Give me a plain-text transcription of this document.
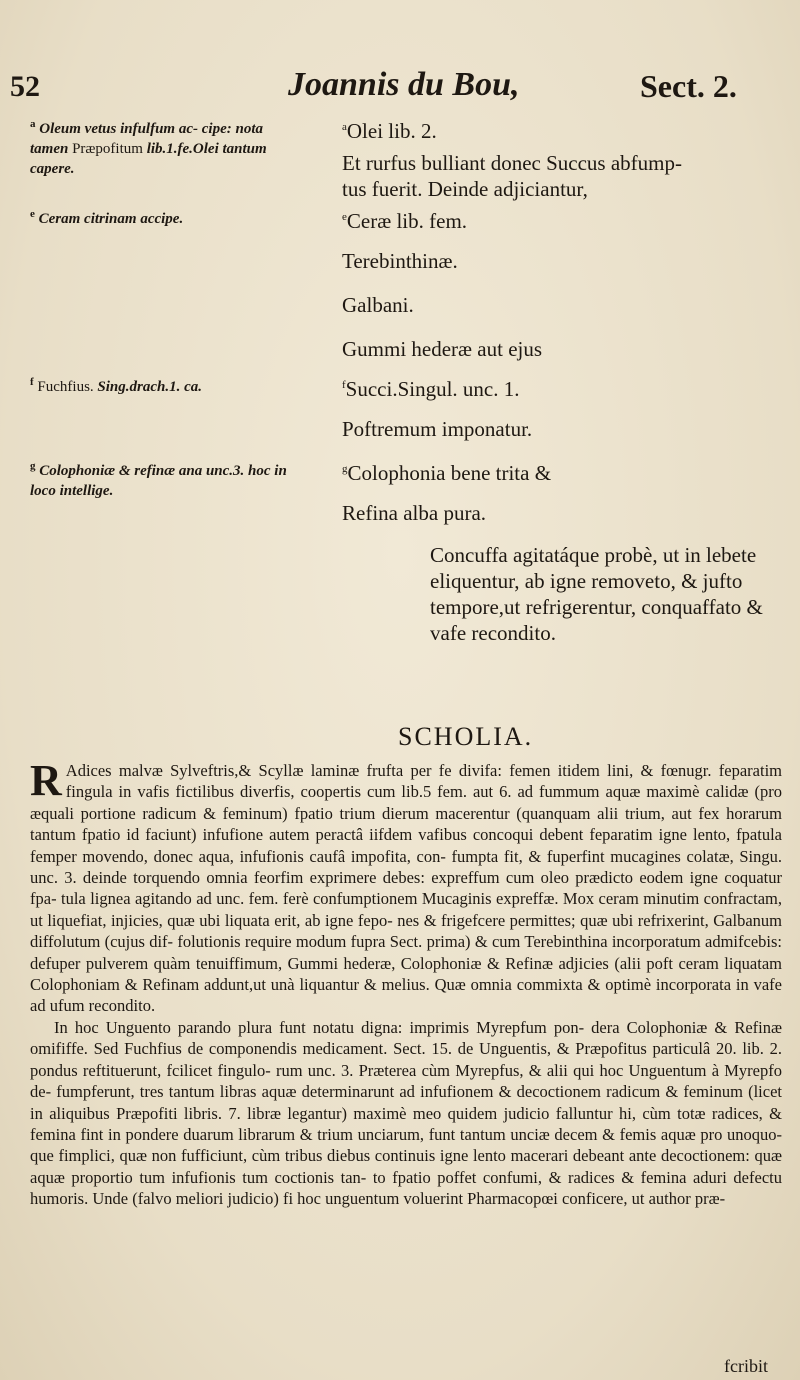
52	Joannis du Bou,	Sect. 2.
$^a$ Oleum vetus infulfum ac- cipe: nota tamen Præpofitum lib.1.fe.Olei tantum capere.
$^e$ Ceram citrinam accipe.
$^f$ Fuchfius. Sing.drach.1. ca.
$^g$ Colophoniæ & refinæ ana unc.3. hoc in loco intellige.
$^a$Olei lib. 2.
Et rurfus bulliant donec Succus abfump-
tus fuerit. Deinde adjiciantur,
$^e$Ceræ lib. fem.
Terebinthinæ.
Galbani.
Gummi hederæ aut ejus
$^f$Succi.Singul. unc. 1.
Poftremum imponatur.
$^g$Colophonia bene trita &
Refina alba pura.
Concuffa agitatáque probè, ut in lebete eliquentur, ab igne removeto, & jufto tempore,ut refrigerentur, conquaffato & vafe recondito.
SCHOLIA.

R Adices malvæ Sylveftris,& Scyllæ laminæ frufta per fe divifa: femen itidem lini, & fœnugr. feparatim fingula in vafis fictilibus diverfis, coopertis cum lib.5 fem. aut 6. ad fummum aquæ maximè calidæ (pro æquali portione radicum & feminum) fpatio trium dierum macerentur (quanquam alii trium, aut fex horarum tantum fpatio id faciunt) infufione autem peractâ iifdem vafibus concoqui debent feparatim igne lento, fpatula femper movendo, donec aqua, infufionis caufâ impofita, con- fumpta fit, & fuperfint mucagines colatæ, Singu. unc. 3. deinde torquendo omnia feorfim exprimere debes: expreffum cum oleo prædicto eodem igne coquatur fpa- tula lignea agitando ad unc. fem. ferè confumptionem Mucaginis expreffæ. Mox ceram minutim confractam, ut liquefiat, injicies, quæ ubi liquata erit, ab igne fepo- nes & frigefcere permittes; quæ ubi refrixerint, Galbanum diffolutum (cujus dif- folutionis require modum fupra Sect. prima) & cum Terebinthina incorporatum admifcebis: defuper pulverem quàm tenuiffimum, Gummi hederæ, Colophoniæ & Refinæ adjicies (alii poft ceram liquatam Colophoniam & Refinam addunt,ut unà liquantur & melius. Quæ omnia commixta & optimè incorporata in vafe ad ufum recondito.

In hoc Unguento parando plura funt notatu digna: imprimis Myrepfum pon- dera Colophoniæ & Refinæ omififfe. Sed Fuchfius de componendis medicament. Sect. 15. de Unguentis, & Præpofitus particulâ 20. lib. 2. pondus reftituerunt, fcilicet fingulo- rum unc. 3. Præterea cùm Myrepfus, & alii qui hoc Unguentum à Myrepfo de- fumpferunt, tres tantum libras aquæ determinarunt ad infufionem & decoctionem radicum & feminum (licet in aliquibus Præpofiti libris. 7. libræ legantur) maximè meo quidem judicio falluntur hi, cùm totæ radices, & femina fint in pondere duarum librarum & trium unciarum, funt tantum unciæ decem & femis aquæ pro unoquo- que fimplici, quæ non fufficiunt, cùm tribus diebus continuis igne lento macerari debeant ante decoctionem: quæ aquæ proportio tum infufionis tum coctionis tan- to fpatio poffet confumi, & radices & femina aduri defectu humoris. Unde (falvo meliori judicio) fi hoc unguentum voluerint Pharmacopœi conficere, ut author præ-

fcribit
